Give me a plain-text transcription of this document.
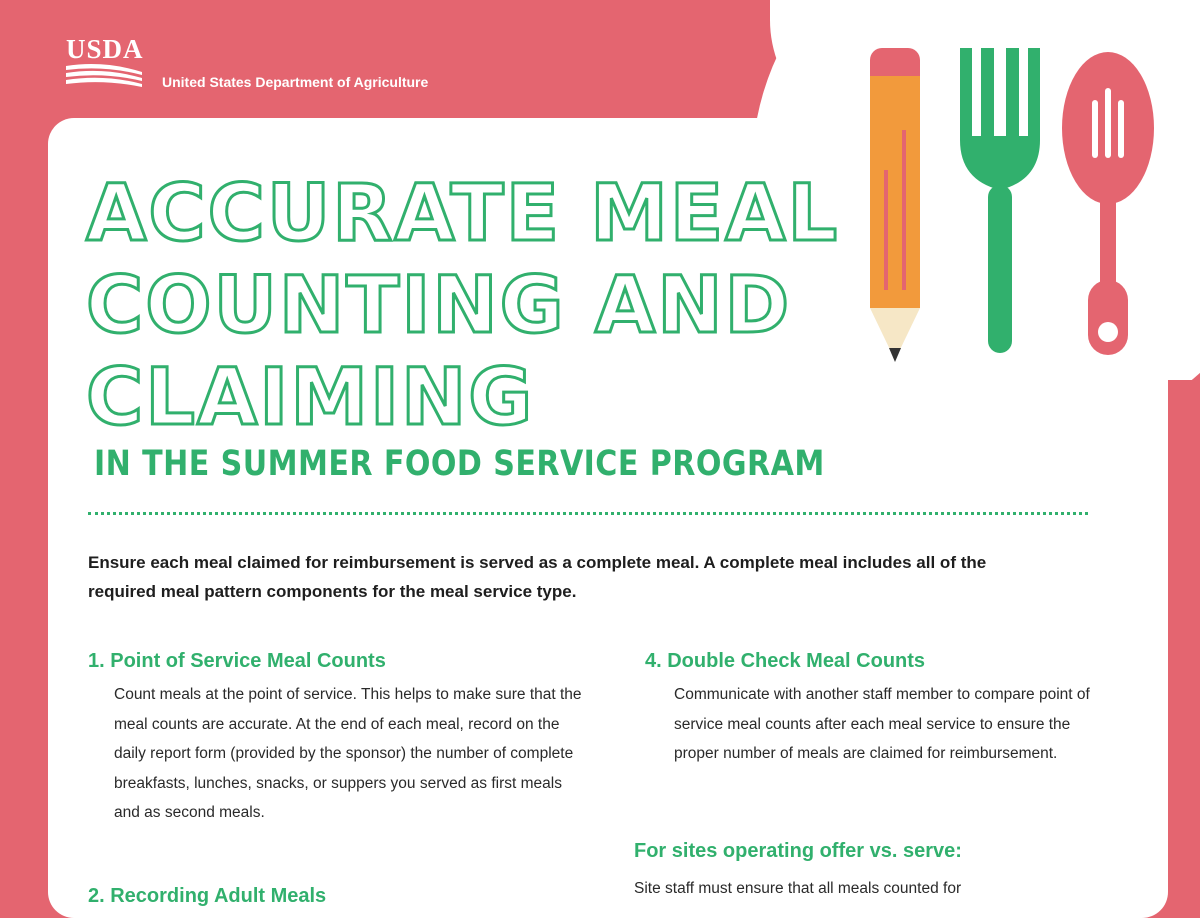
USDA
United States Department of Agriculture
ACCURATE MEAL
COUNTING AND
CLAIMING
IN THE SUMMER FOOD SERVICE PROGRAM

Ensure each meal claimed for reimbursement is served as a complete meal. A complete meal includes all of the required meal pattern components for the meal service type.

1. Point of Service Meal Counts

Count meals at the point of service. This helps to make sure that the meal counts are accurate. At the end of each meal, record on the daily report form (provided by the sponsor) the number of complete breakfasts, lunches, snacks, or suppers you served as first meals and as second meals.

2. Recording Adult Meals
4. Double Check Meal Counts

Communicate with another staff member to compare point of service meal counts after each meal service to ensure the proper number of meals are claimed for reimbursement.

For sites operating offer vs. serve:

Site staff must ensure that all meals counted for
